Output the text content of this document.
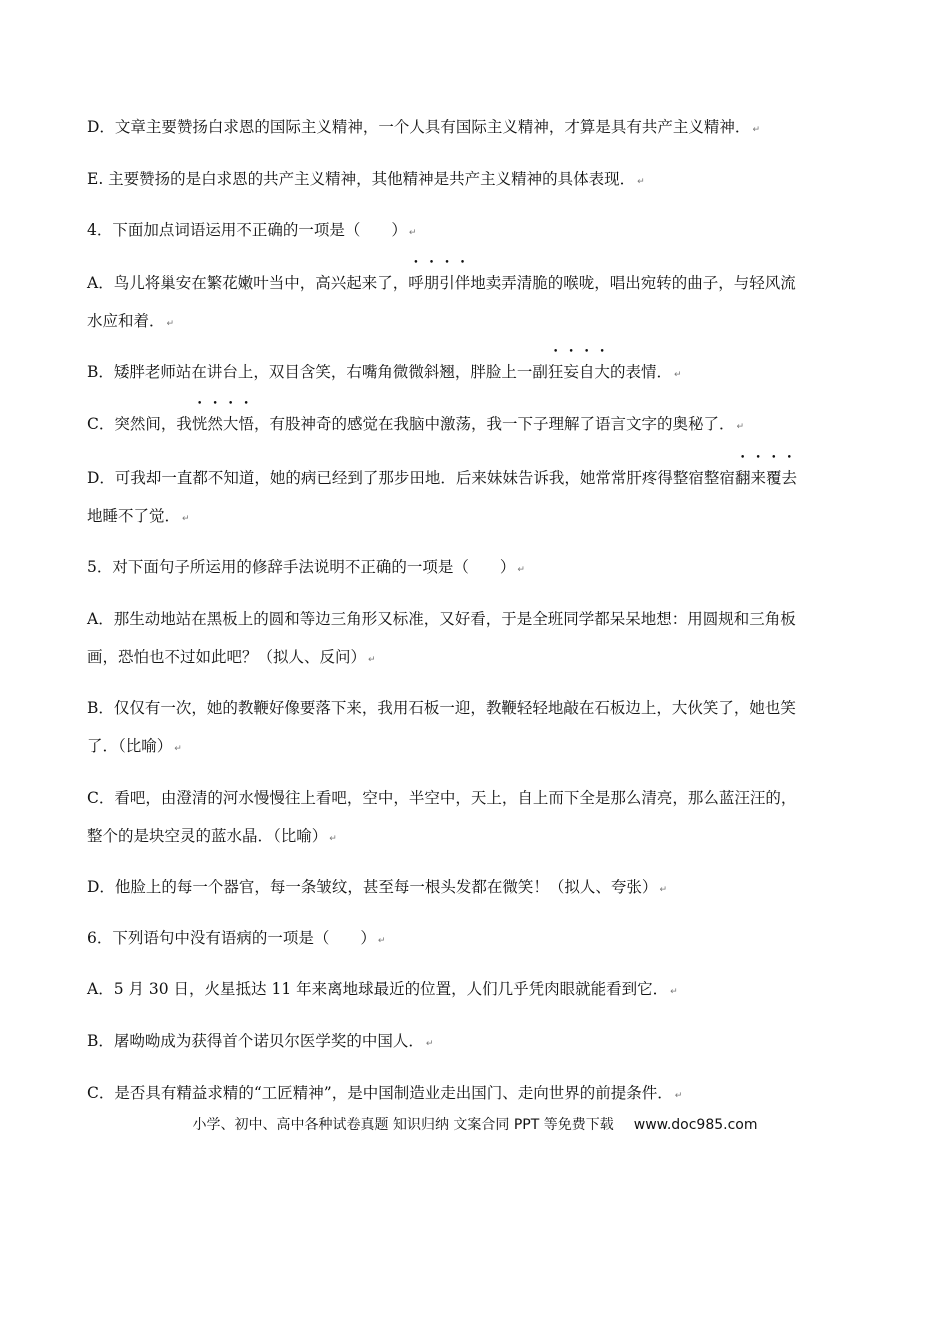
D．文章主要赞扬白求恩的国际主义精神，一个人具有国际主义精神，才算是具有共产主义精神． ↵
E. 主要赞扬的是白求恩的共产主义精神，其他精神是共产主义精神的具体表现． ↵
4．下面加点词语运用不正确的一项是（　　） ↵
A．鸟儿将巢安在繁花嫩叶当中，高兴起来了，呼朋引伴地卖弄清脆的喉咙，唱出宛转的曲子，与轻风流
水应和着． ↵
B．矮胖老师站在讲台上，双目含笑，右嘴角微微斜翘，胖脸上一副狂妄自大的表情． ↵
C．突然间，我恍然大悟，有股神奇的感觉在我脑中激荡，我一下子理解了语言文字的奥秘了． ↵
D．可我却一直都不知道，她的病已经到了那步田地．后来妹妹告诉我，她常常肝疼得整宿整宿翻来覆去
地睡不了觉． ↵
5．对下面句子所运用的修辞手法说明不正确的一项是（　　） ↵
A．那生动地站在黑板上的圆和等边三角形又标准，又好看，于是全班同学都呆呆地想：用圆规和三角板
画，恐怕也不过如此吧？（拟人、反问） ↵
B．仅仅有一次，她的教鞭好像要落下来，我用石板一迎，教鞭轻轻地敲在石板边上，大伙笑了，她也笑
了．（比喻） ↵
C．看吧，由澄清的河水慢慢往上看吧，空中，半空中，天上，自上而下全是那么清亮，那么蓝汪汪的，
整个的是块空灵的蓝水晶．（比喻） ↵
D．他脸上的每一个器官，每一条皱纹，甚至每一根头发都在微笑！（拟人、夸张） ↵
6．下列语句中没有语病的一项是（　　） ↵
A．5 月 30 日，火星抵达 11 年来离地球最近的位置，人们几乎凭肉眼就能看到它． ↵
B．屠呦呦成为获得首个诺贝尔医学奖的中国人． ↵
C．是否具有精益求精的“工匠精神”，是中国制造业走出国门、走向世界的前提条件． ↵
小学、初中、高中各种试卷真题 知识归纳 文案合同 PPT 等免费下载 www.doc985.com
